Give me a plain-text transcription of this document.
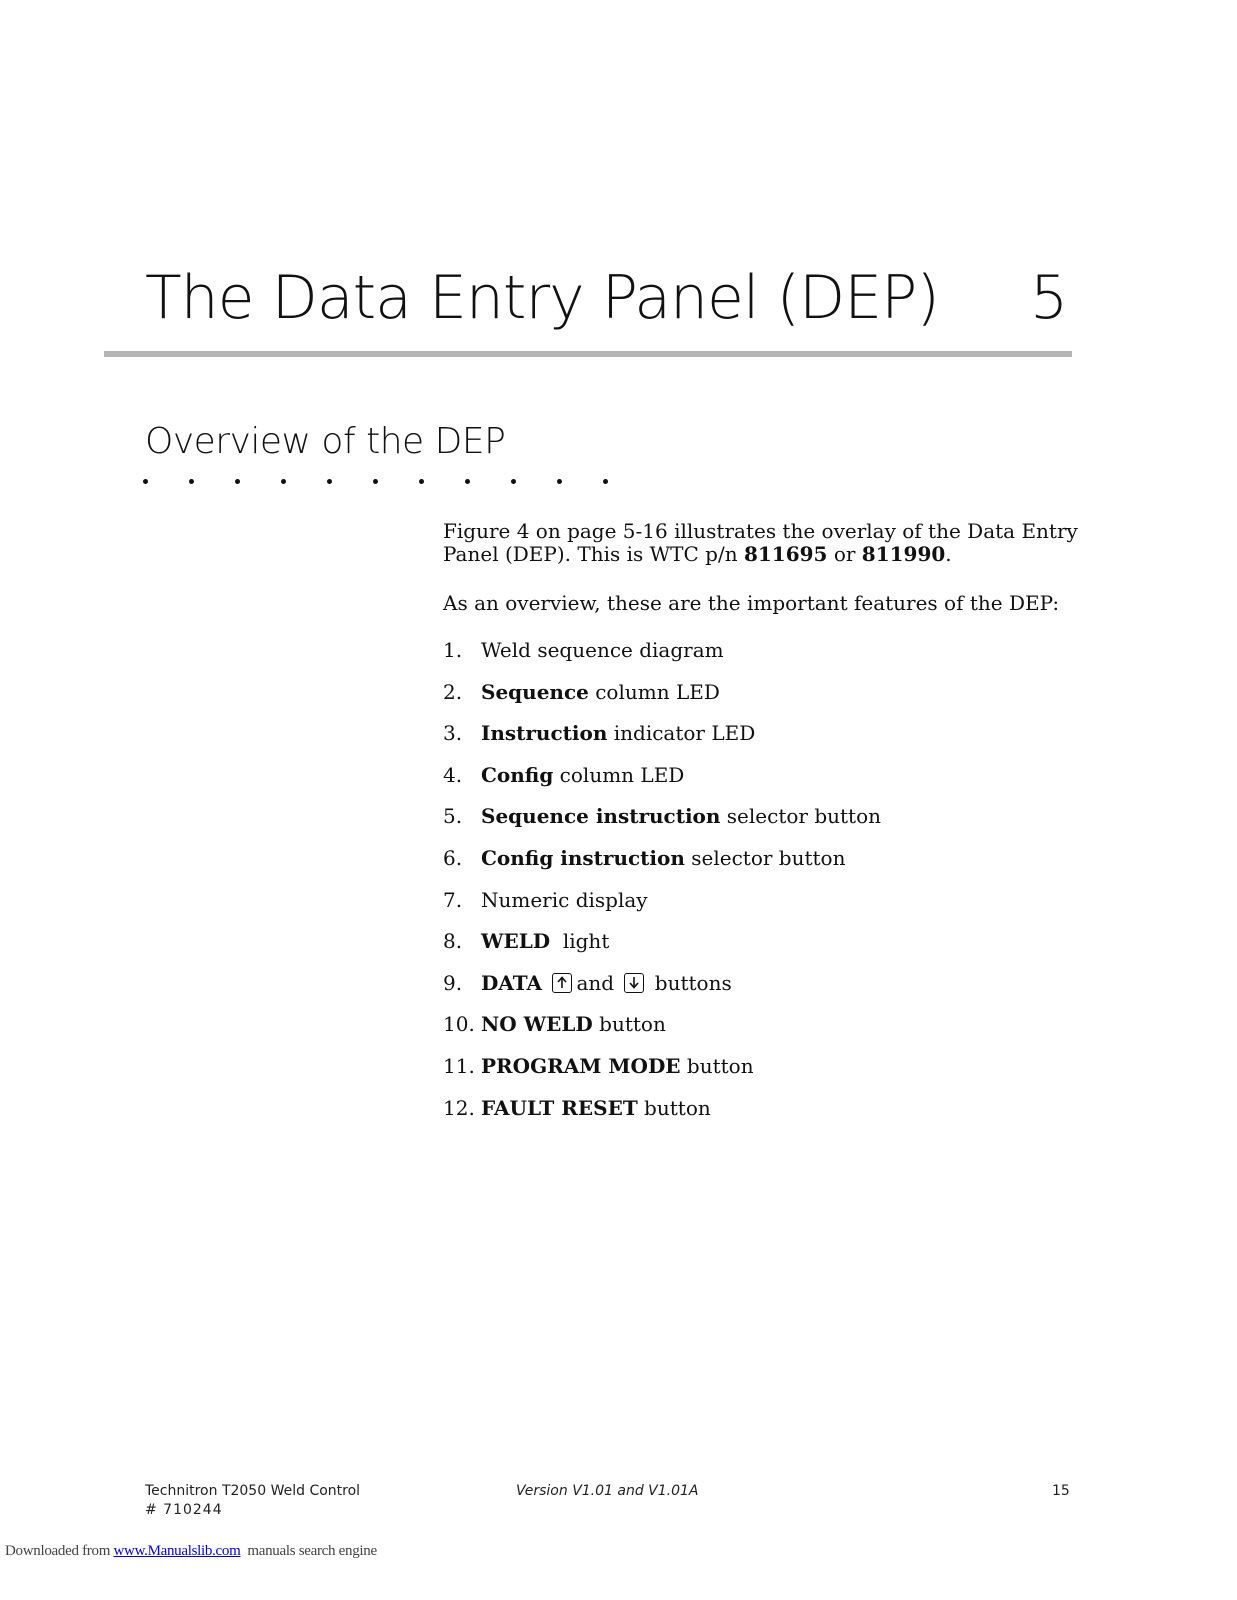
The Data Entry Panel (DEP) 5
Overview of the DEP
Figure 4 on page 5-16 illustrates the overlay of the Data Entry Panel (DEP). This is WTC p/n 811695 or 811990.
As an overview, these are the important features of the DEP:
1. Weld sequence diagram
2. Sequence column LED
3. Instruction indicator LED
4. Config column LED
5. Sequence instruction selector button
6. Config instruction selector button
7. Numeric display
8. WELD  light
9. DATA and buttons
10. NO WELD button
11. PROGRAM MODE button
12. FAULT RESET button
Technitron T2050 Weld Control
# 710244
Version V1.01 and V1.01A	15
Downloaded from www.Manualslib.com  manuals search engine
